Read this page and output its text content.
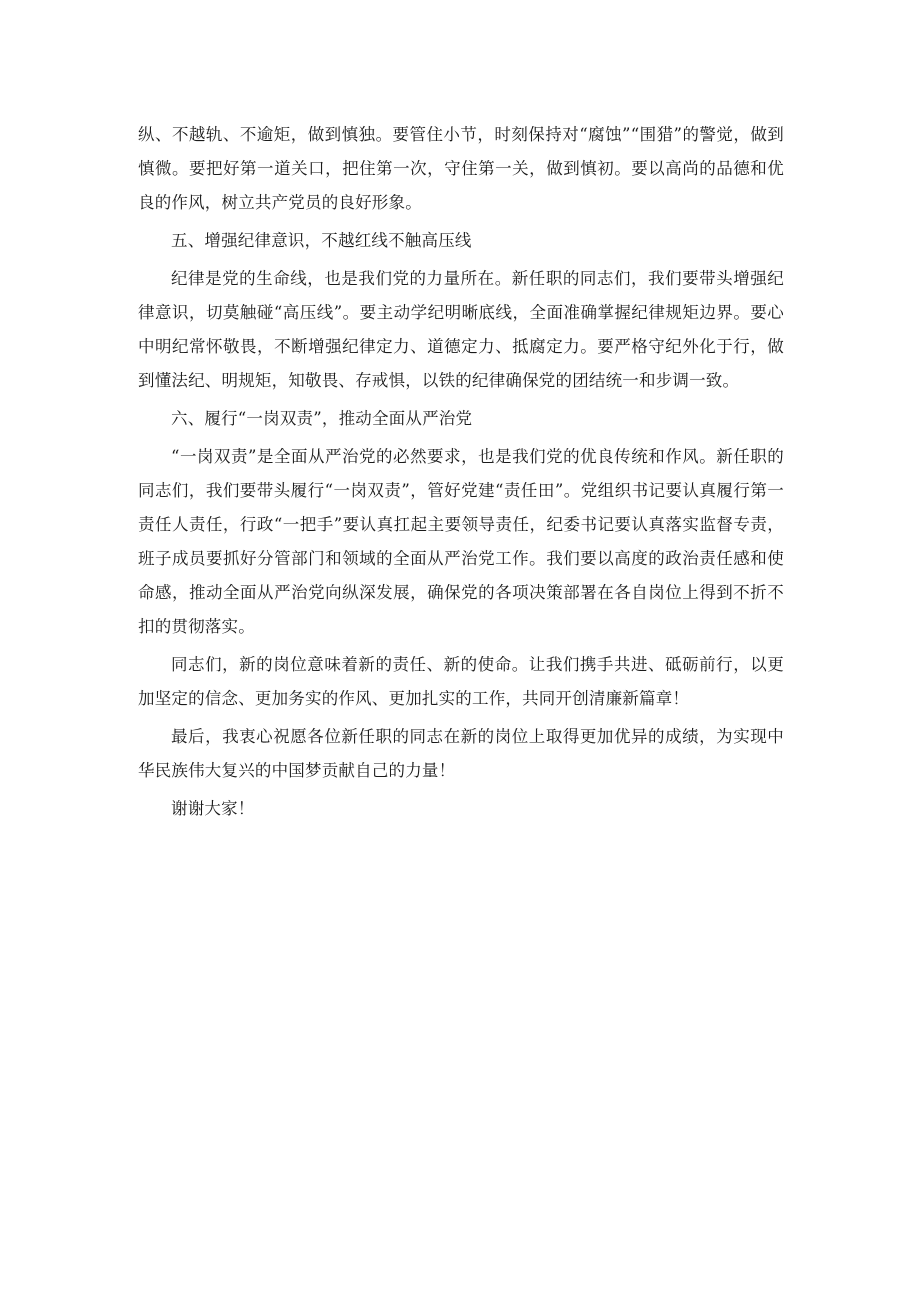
纵、不越轨、不逾矩，做到慎独。要管住小节，时刻保持对“腐蚀”“围猎”的警觉，做到慎微。要把好第一道关口，把住第一次，守住第一关，做到慎初。要以高尚的品德和优良的作风，树立共产党员的良好形象。

五、增强纪律意识，不越红线不触高压线

纪律是党的生命线，也是我们党的力量所在。新任职的同志们，我们要带头增强纪律意识，切莫触碰“高压线”。要主动学纪明晰底线，全面准确掌握纪律规矩边界。要心中明纪常怀敬畏，不断增强纪律定力、道德定力、抵腐定力。要严格守纪外化于行，做到懂法纪、明规矩，知敬畏、存戒惧，以铁的纪律确保党的团结统一和步调一致。

六、履行“一岗双责”，推动全面从严治党

“一岗双责”是全面从严治党的必然要求，也是我们党的优良传统和作风。新任职的同志们，我们要带头履行“一岗双责”，管好党建“责任田”。党组织书记要认真履行第一责任人责任，行政“一把手”要认真扛起主要领导责任，纪委书记要认真落实监督专责，班子成员要抓好分管部门和领域的全面从严治党工作。我们要以高度的政治责任感和使命感，推动全面从严治党向纵深发展，确保党的各项决策部署在各自岗位上得到不折不扣的贯彻落实。

同志们，新的岗位意味着新的责任、新的使命。让我们携手共进、砥砺前行，以更加坚定的信念、更加务实的作风、更加扎实的工作，共同开创清廉新篇章！

最后，我衷心祝愿各位新任职的同志在新的岗位上取得更加优异的成绩，为实现中华民族伟大复兴的中国梦贡献自己的力量！

谢谢大家！
